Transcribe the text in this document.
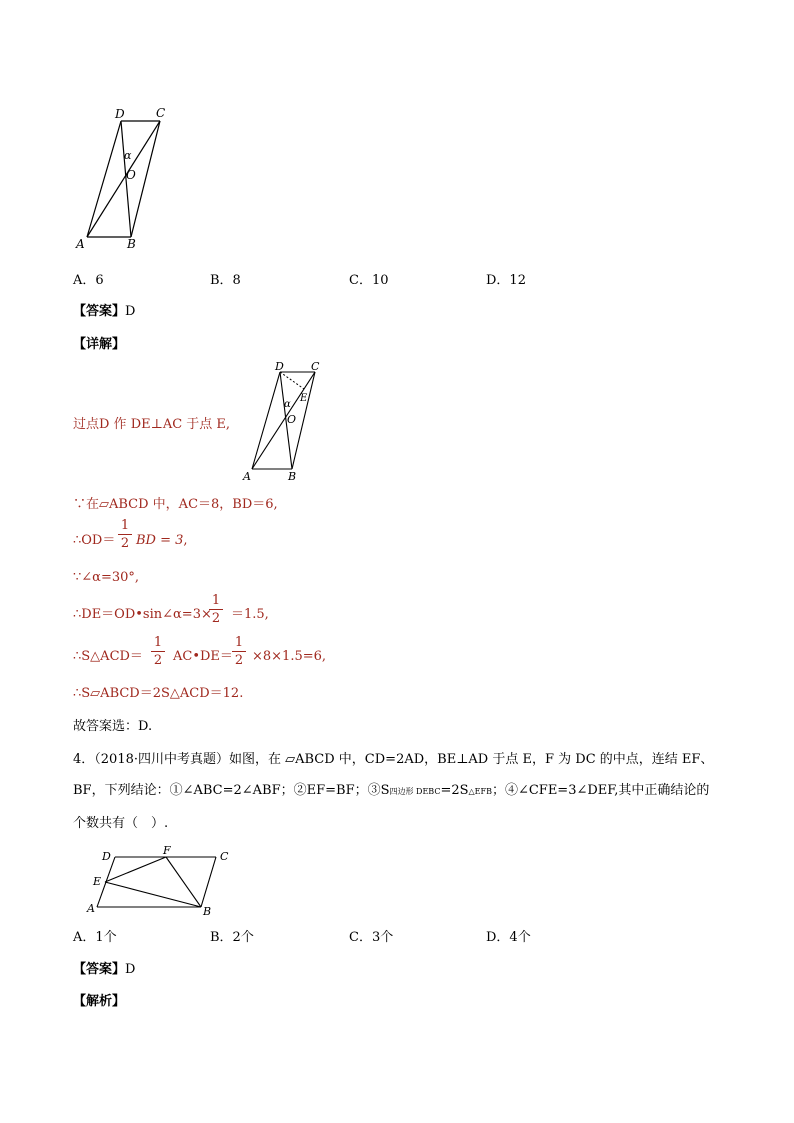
D	C
α
O
A	B
A．6	B．8	C．10	D．12
【答案】D
【详解】
D C
E
α
O
A	B
过点D 作 DE⊥AC 于点 E,
∵在▱ABCD 中，AC＝8，BD＝6,
∴OD＝
1
2 BD = 3,
∵∠α=30°,
∴DE＝OD•sin∠α=3×
1
2 ＝1.5,
∴S△ACD＝
1
2 AC•DE＝
1
2 ×8×1.5=6,
∴S▱ABCD＝2S△ACD＝12.
故答案选：D.
4．（2018·四川中考真题）如图，在 ▱ABCD 中，CD=2AD，BE⊥AD 于点 E，F 为 DC 的中点，连结 EF、
BF，下列结论：①∠ABC=2∠ABF；②EF=BF；③S四边形 DEBC=2S△EFB；④∠CFE=3∠DEF,其中正确结论的
个数共有（　）.
D	F	C
E
A	B
A．1个	B．2个	C．3个	D．4个
【答案】D
【解析】
